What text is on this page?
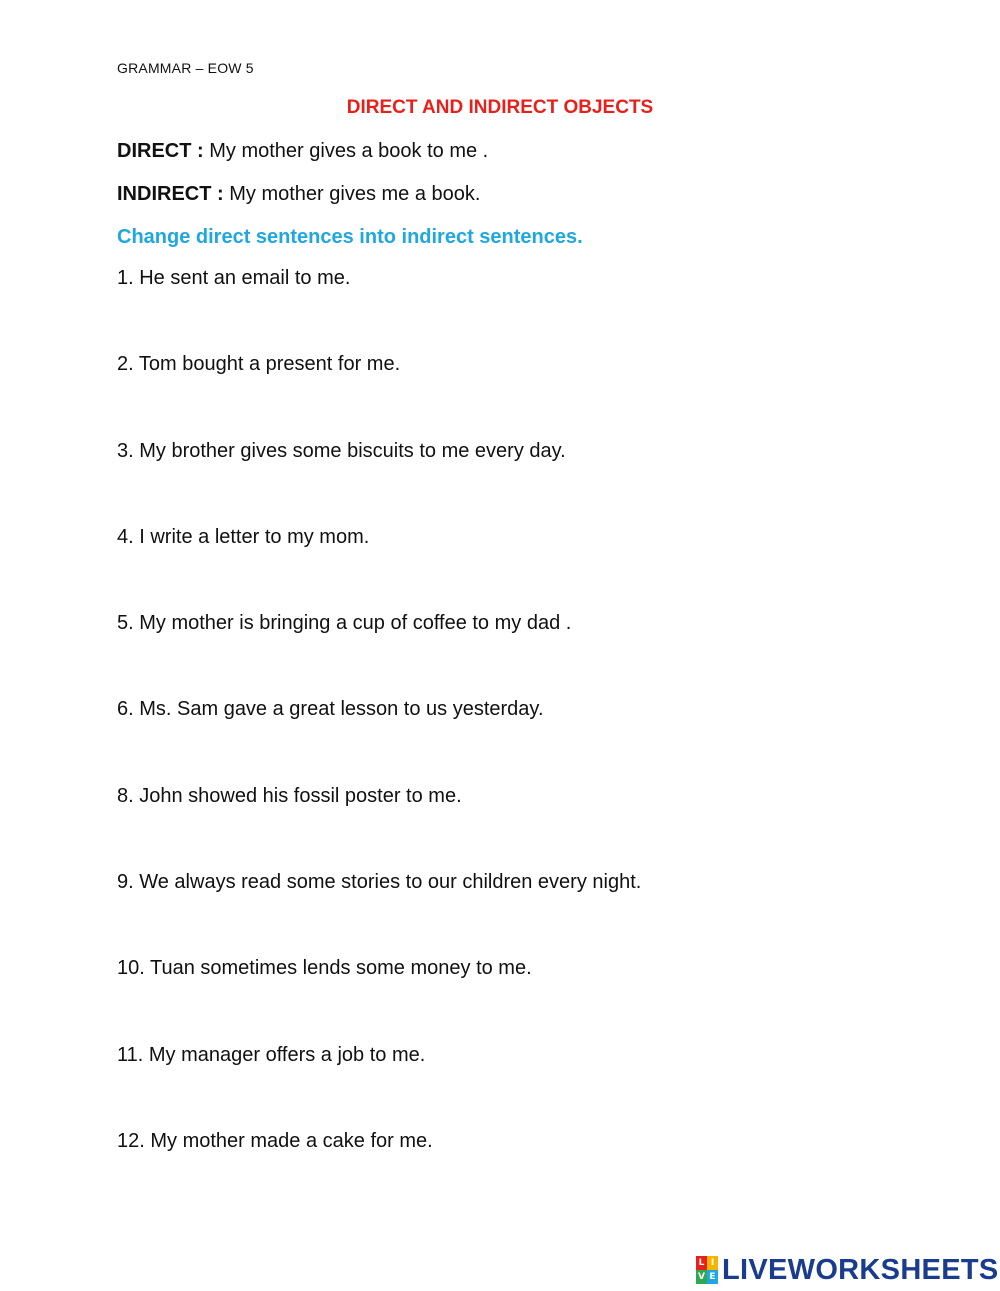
GRAMMAR – EOW 5
DIRECT AND INDIRECT OBJECTS
DIRECT : My mother gives a book to me .
INDIRECT : My mother gives me a book.
Change direct sentences into indirect sentences.
1. He sent an email to me.
2. Tom bought a present for me.
3. My brother gives some biscuits to me every day.
4. I write a letter to my mom.
5. My mother is bringing a cup of coffee to my dad .
6. Ms. Sam gave a great lesson to us yesterday.
8. John showed his fossil poster to me.
9. We always read some stories to our children every night.
10. Tuan sometimes lends some money to me.
11. My manager offers a job to me.
12. My mother made a cake for me.
L I
V E LIVEWORKSHEETS
